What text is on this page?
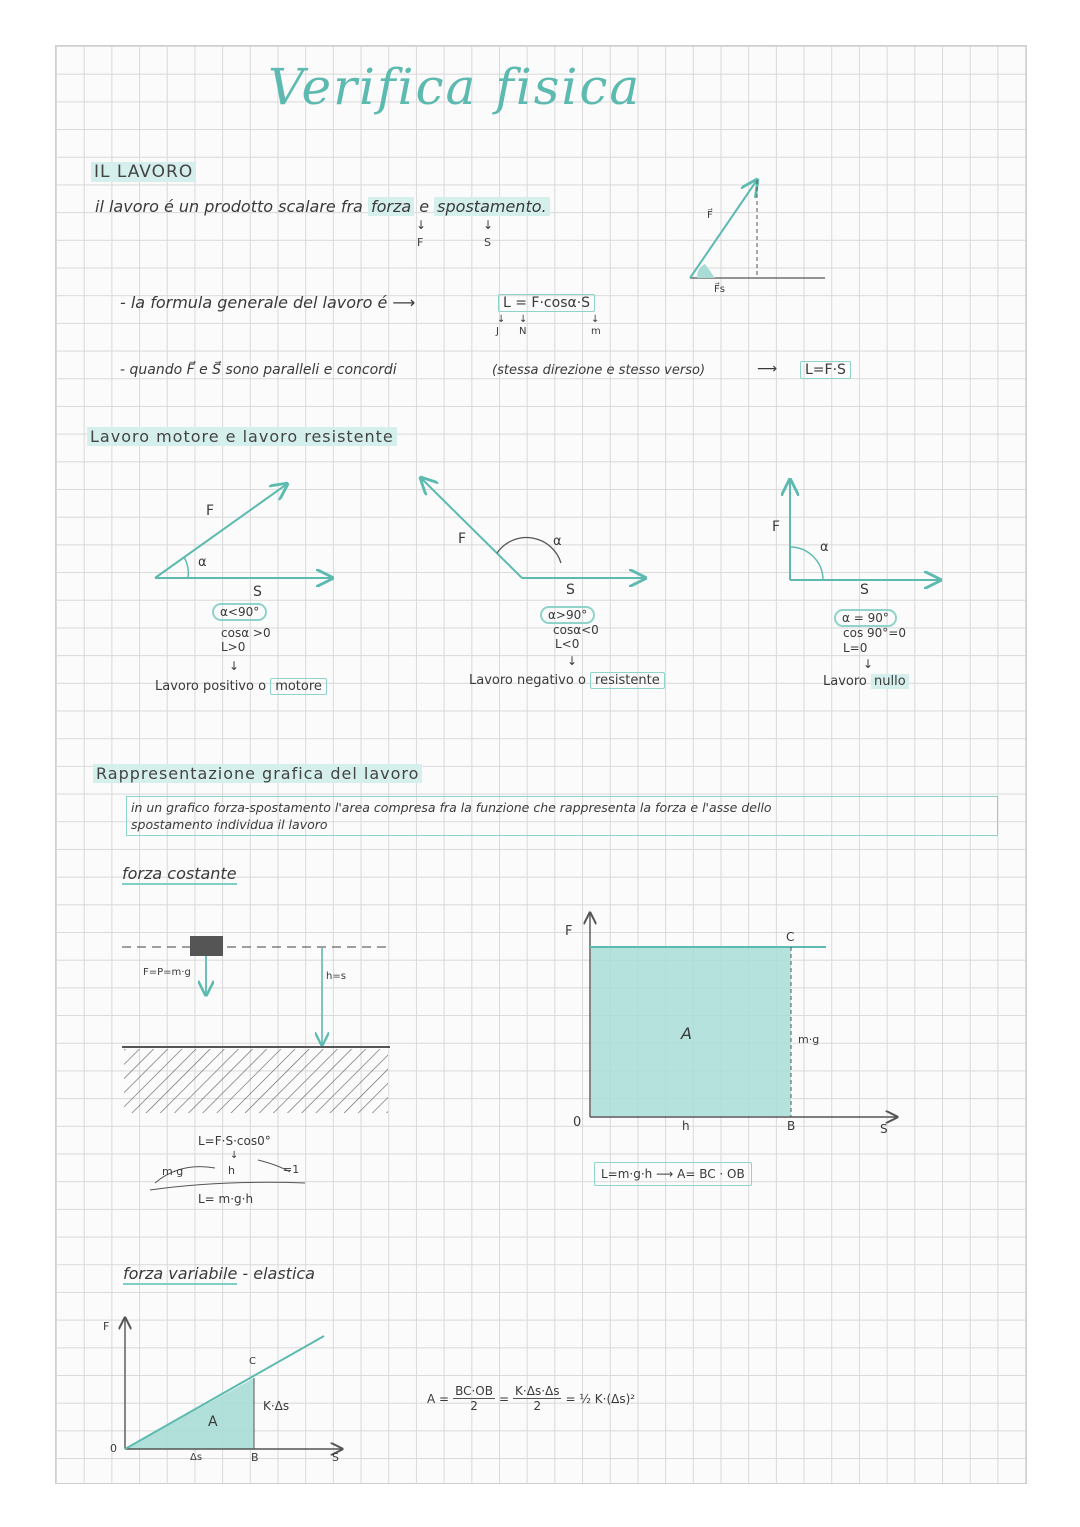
Verifica fisica
IL LAVORO
il lavoro é un prodotto scalare fra forza e spostamento.
↓	↓
F	S
F⃗
F⃗s
- la formula generale del lavoro é ⟶	L = F·cosα·S
↓ ↓	↓
J N	m
- quando F⃗ e S⃗ sono paralleli e concordi	(stessa direzione e stesso verso)	⟶	L=F·S
Lavoro motore e lavoro resistente
F
α
S
α<90°
cosα >0
L>0
↓
Lavoro positivo o motore
F	α
S
α>90°
cosα<0
L<0
↓
Lavoro negativo o resistente
F
α
S
α = 90°
cos 90°=0
L=0
↓
Lavoro nullo
Rappresentazione grafica del lavoro
in un grafico forza-spostamento l'area compresa fra la funzione che rappresenta la forza e l'asse dello
spostamento individua il lavoro
forza costante
F=P=m·g	h=s
L=F·S·cos0°
↓
m·g	h	=1
L= m·g·h
F	C
A	m·g
0	h	B	S
L=m·g·h ⟶ A= BC · OB
forza variabile - elastica
F
C
A
K·Δs
0
Δs	B	S
$A = \frac{BC\cdot OB}{2} = \frac{K\cdot\Delta s\cdot\Delta s}{2}$ = ½ K·(Δs)²
